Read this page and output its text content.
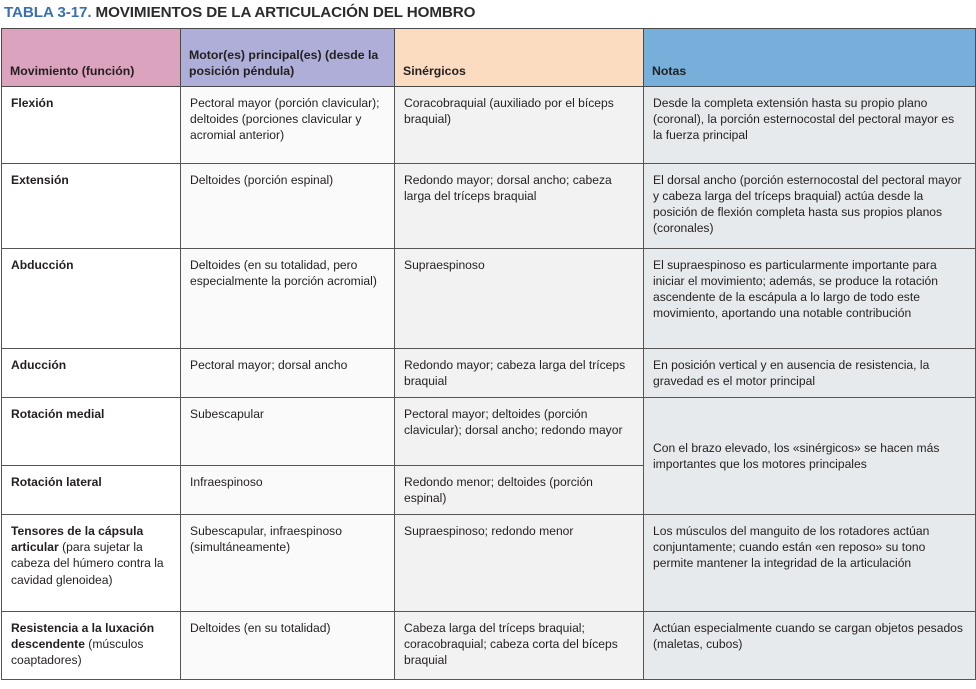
TABLA 3-17. MOVIMIENTOS DE LA ARTICULACIÓN DEL HOMBRO
Movimiento (función)	Motor(es) principal(es) (desde la posición péndula)	Sinérgicos	Notas
Flexión	Pectoral mayor (porción clavicular); deltoides (porciones clavicular y acromial anterior)	Coracobraquial (auxiliado por el bíceps braquial)	Desde la completa extensión hasta su propio plano (coronal), la porción esternocostal del pectoral mayor es la fuerza principal
Extensión	Deltoides (porción espinal)	Redondo mayor; dorsal ancho; cabeza larga del tríceps braquial	El dorsal ancho (porción esternocostal del pectoral mayor y cabeza larga del tríceps braquial) actúa desde la posición de flexión completa hasta sus propios planos (coronales)
Abducción	Deltoides (en su totalidad, pero especialmente la porción acromial)	Supraespinoso	El supraespinoso es particularmente importante para iniciar el movimiento; además, se produce la rotación ascendente de la escápula a lo largo de todo este movimiento, aportando una notable contribución
Aducción	Pectoral mayor; dorsal ancho	Redondo mayor; cabeza larga del tríceps braquial	En posición vertical y en ausencia de resistencia, la gravedad es el motor principal
Rotación medial	Subescapular	Pectoral mayor; deltoides (porción clavicular); dorsal ancho; redondo mayor	Con el brazo elevado, los «sinérgicos» se hacen más importantes que los motores principales
Rotación lateral	Infraespinoso	Redondo menor; deltoides (porción espinal)	
Tensores de la cápsula articular (para sujetar la cabeza del húmero contra la cavidad glenoidea)	Subescapular, infraespinoso (simultáneamente)	Supraespinoso; redondo menor	Los músculos del manguito de los rotadores actúan conjuntamente; cuando están «en reposo» su tono permite mantener la integridad de la articulación
Resistencia a la luxación descendente (músculos coaptadores)	Deltoides (en su totalidad)	Cabeza larga del tríceps braquial; coracobraquial; cabeza corta del bíceps braquial	Actúan especialmente cuando se cargan objetos pesados (maletas, cubos)
